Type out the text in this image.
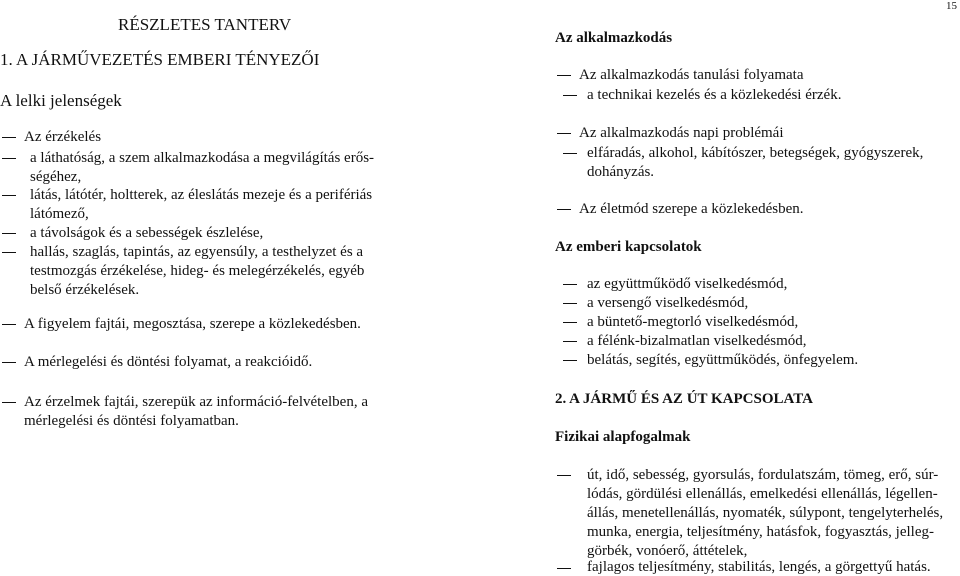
15
RÉSZLETES TANTERV
1. A JÁRMŰVEZETÉS EMBERI TÉNYEZŐI
A lelki jelenségek
Az érzékelés
a láthatóság, a szem alkalmazkodása a megvilágítás erős-
ségéhez,
látás, látótér, holtterek, az éleslátás mezeje és a perifériás
látómező,
a távolságok és a sebességek észlelése,
hallás, szaglás, tapintás, az egyensúly, a testhelyzet és a
testmozgás érzékelése, hideg- és melegérzékelés, egyéb
belső érzékelések.
A figyelem fajtái, megosztása, szerepe a közlekedésben.
A mérlegelési és döntési folyamat, a reakcióidő.
Az érzelmek fajtái, szerepük az információ-felvételben, a
mérlegelési és döntési folyamatban.
Az alkalmazkodás
Az alkalmazkodás tanulási folyamata
a technikai kezelés és a közlekedési érzék.
Az alkalmazkodás napi problémái
elfáradás, alkohol, kábítószer, betegségek, gyógyszerek,
dohányzás.
Az életmód szerepe a közlekedésben.
Az emberi kapcsolatok
az együttműködő viselkedésmód,
a versengő viselkedésmód,
a büntető-megtorló viselkedésmód,
a félénk-bizalmatlan viselkedésmód,
belátás, segítés, együttműködés, önfegyelem.
2. A JÁRMŰ ÉS AZ ÚT KAPCSOLATA
Fizikai alapfogalmak
út, idő, sebesség, gyorsulás, fordulatszám, tömeg, erő, súr-
lódás, gördülési ellenállás, emelkedési ellenállás, légellen-
állás, menetellenállás, nyomaték, súlypont, tengelyterhelés,
munka, energia, teljesítmény, hatásfok, fogyasztás, jelleg-
görbék, vonóerő, áttételek,
fajlagos teljesítmény, stabilitás, lengés, a görgettyű hatás.
